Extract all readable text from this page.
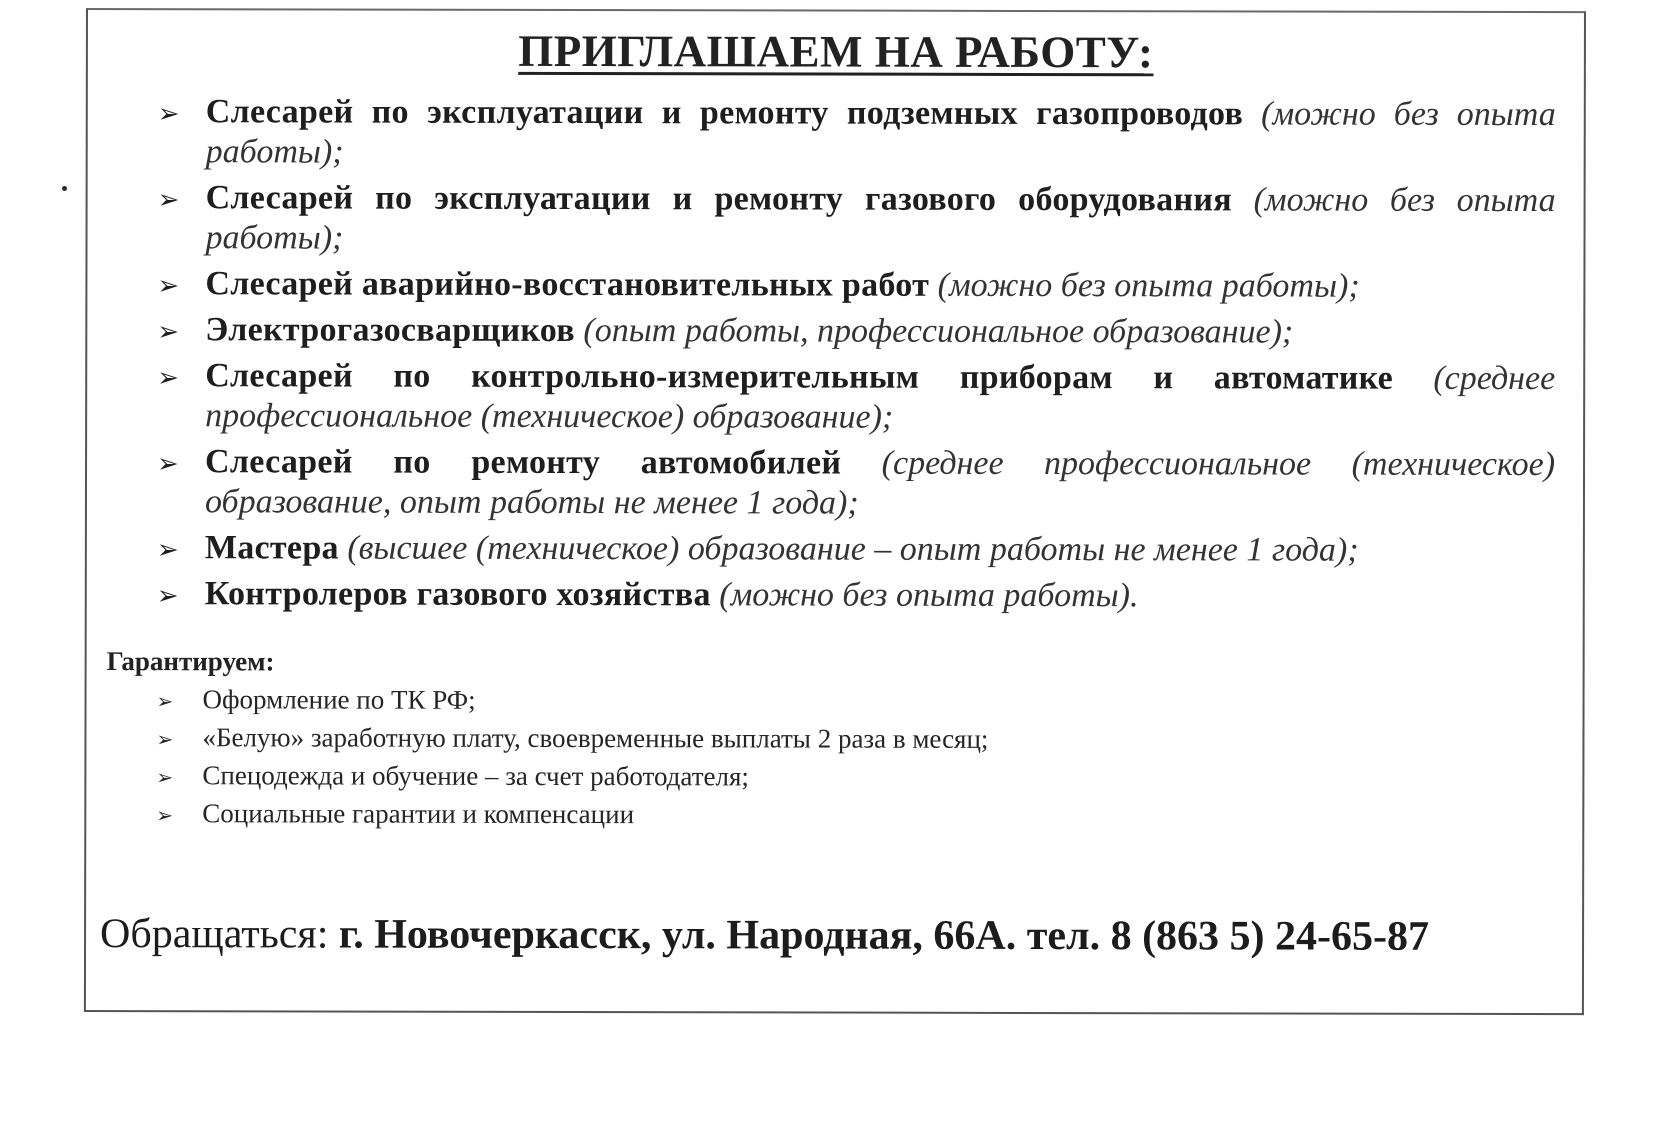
ПРИГЛАШАЕМ НА РАБОТУ:
➢ Слесарей по эксплуатации и ремонту подземных газопроводов (можно без опыта работы);
➢ Слесарей по эксплуатации и ремонту газового оборудования (можно без опыта работы);
➢ Слесарей аварийно-восстановительных работ (можно без опыта работы);
➢ Электрогазосварщиков (опыт работы, профессиональное образование);
➢ Слесарей по контрольно-измерительным приборам и автоматике (среднее профессиональное (техническое) образование);
➢ Слесарей по ремонту автомобилей (среднее профессиональное (техническое) образование, опыт работы не менее 1 года);
➢ Мастера (высшее (техническое) образование – опыт работы не менее 1 года);
➢ Контролеров газового хозяйства (можно без опыта работы).
Гарантируем:
➢ Оформление по ТК РФ;
➢ «Белую» заработную плату, своевременные выплаты 2 раза в месяц;
➢ Спецодежда и обучение – за счет работодателя;
➢ Социальные гарантии и компенсации
Обращаться: г. Новочеркасск, ул. Народная, 66А. тел. 8 (863 5) 24-65-87
